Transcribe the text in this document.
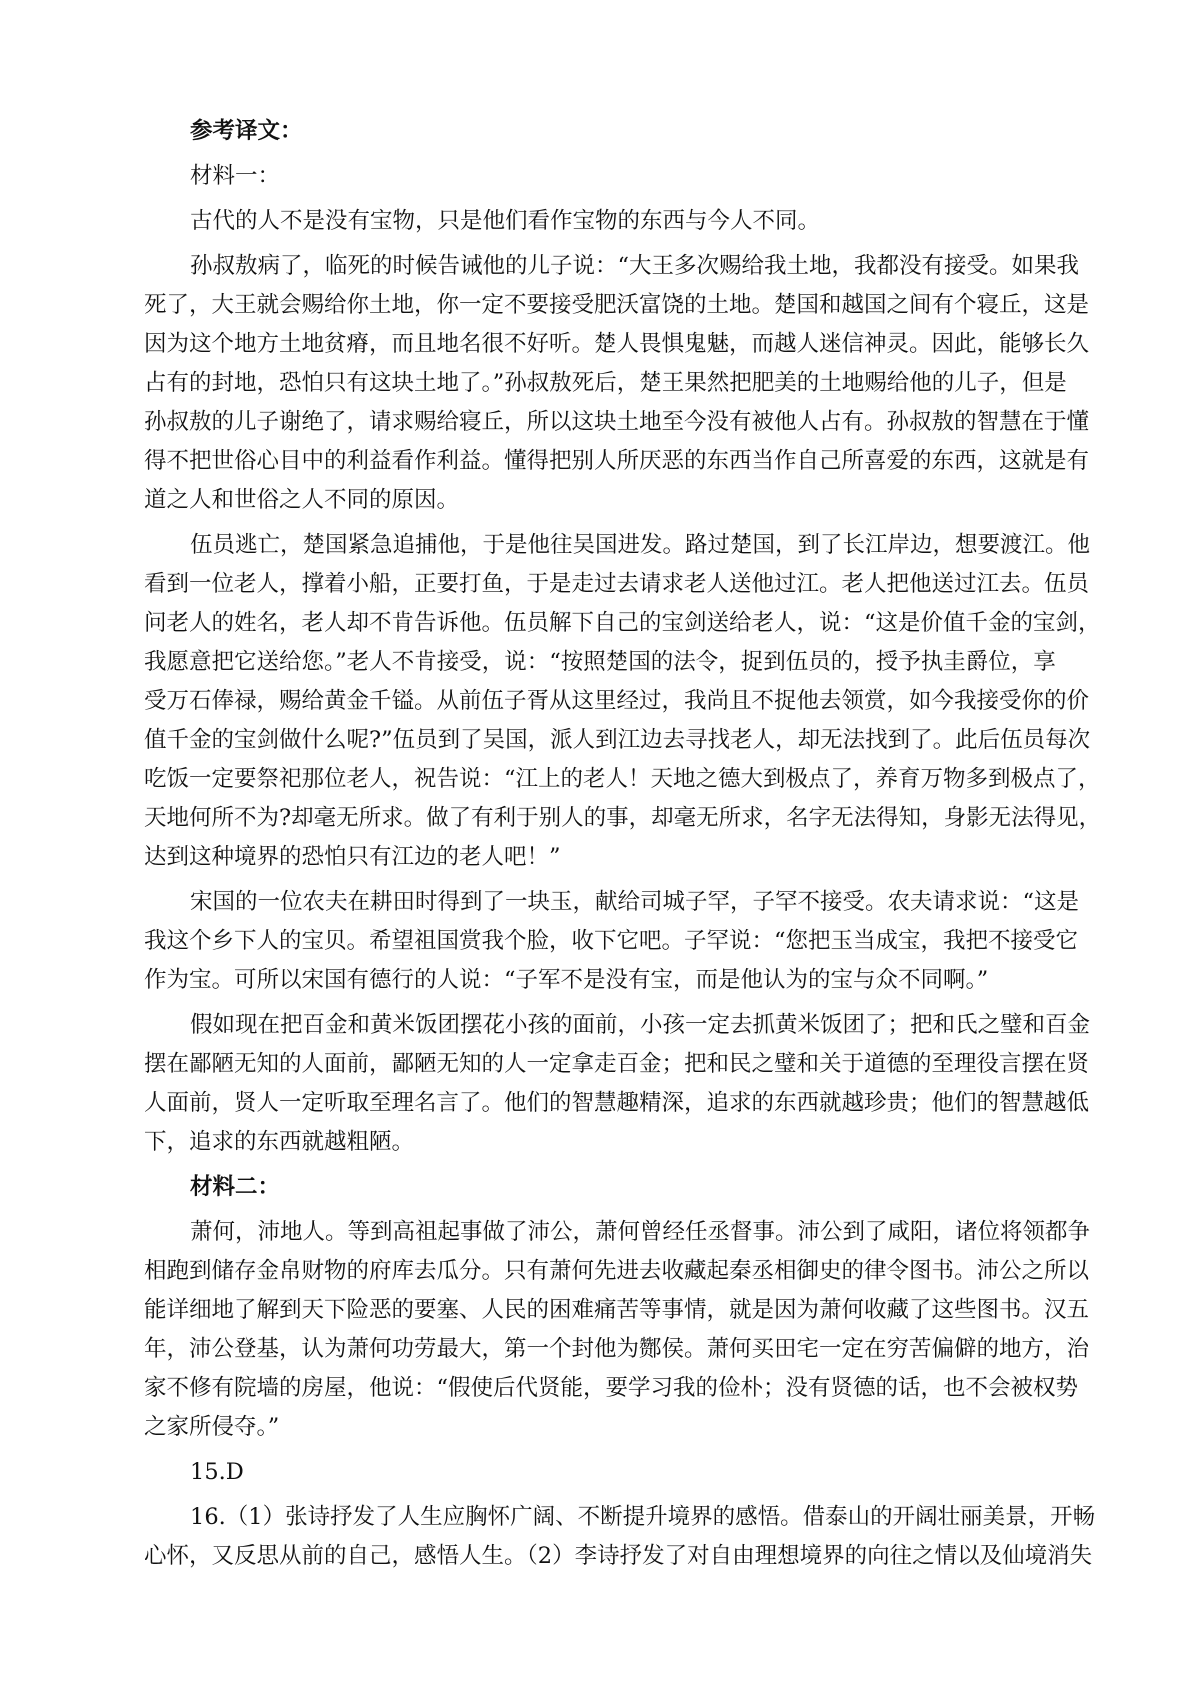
参考译文：
材料一：
古代的人不是没有宝物，只是他们看作宝物的东西与今人不同。
孙叔敖病了，临死的时候告诫他的儿子说：“大王多次赐给我土地，我都没有接受。如果我
死了，大王就会赐给你土地，你一定不要接受肥沃富饶的土地。楚国和越国之间有个寝丘，这是
因为这个地方土地贫瘠，而且地名很不好听。楚人畏惧鬼魅，而越人迷信神灵。因此，能够长久
占有的封地，恐怕只有这块土地了。”孙叔敖死后，楚王果然把肥美的土地赐给他的儿子，但是
孙叔敖的儿子谢绝了，请求赐给寝丘，所以这块土地至今没有被他人占有。孙叔敖的智慧在于懂
得不把世俗心目中的利益看作利益。懂得把别人所厌恶的东西当作自己所喜爱的东西，这就是有
道之人和世俗之人不同的原因。
伍员逃亡，楚国紧急追捕他，于是他往吴国进发。路过楚国，到了长江岸边，想要渡江。他
看到一位老人，撑着小船，正要打鱼，于是走过去请求老人送他过江。老人把他送过江去。伍员
问老人的姓名，老人却不肯告诉他。伍员解下自己的宝剑送给老人，说：“这是价值千金的宝剑，
我愿意把它送给您。”老人不肯接受，说：“按照楚国的法令，捉到伍员的，授予执圭爵位，享
受万石俸禄，赐给黄金千镒。从前伍子胥从这里经过，我尚且不捉他去领赏，如今我接受你的价
值千金的宝剑做什么呢?”伍员到了吴国，派人到江边去寻找老人，却无法找到了。此后伍员每次
吃饭一定要祭祀那位老人，祝告说：“江上的老人！天地之德大到极点了，养育万物多到极点了，
天地何所不为?却毫无所求。做了有利于别人的事，却毫无所求，名字无法得知，身影无法得见，
达到这种境界的恐怕只有江边的老人吧！”
宋国的一位农夫在耕田时得到了一块玉，献给司城子罕，子罕不接受。农夫请求说：“这是
我这个乡下人的宝贝。希望祖国赏我个脸，收下它吧。子罕说：“您把玉当成宝，我把不接受它
作为宝。可所以宋国有德行的人说：“子军不是没有宝，而是他认为的宝与众不同啊。”
假如现在把百金和黄米饭团摆花小孩的面前，小孩一定去抓黄米饭团了；把和氏之璧和百金
摆在鄙陋无知的人面前，鄙陋无知的人一定拿走百金；把和民之璧和关于道德的至理役言摆在贤
人面前，贤人一定听取至理名言了。他们的智慧趣精深，追求的东西就越珍贵；他们的智慧越低
下，追求的东西就越粗陋。
材料二：
萧何，沛地人。等到高祖起事做了沛公，萧何曾经任丞督事。沛公到了咸阳，诸位将领都争
相跑到储存金帛财物的府库去瓜分。只有萧何先进去收藏起秦丞相御史的律令图书。沛公之所以
能详细地了解到天下险恶的要塞、人民的困难痛苦等事情，就是因为萧何收藏了这些图书。汉五
年，沛公登基，认为萧何功劳最大，第一个封他为酂侯。萧何买田宅一定在穷苦偏僻的地方，治
家不修有院墙的房屋，他说：“假使后代贤能，要学习我的俭朴；没有贤德的话，也不会被权势
之家所侵夺。”
15.D
16.（1）张诗抒发了人生应胸怀广阔、不断提升境界的感悟。借泰山的开阔壮丽美景，开畅
心怀，又反思从前的自己，感悟人生。（2）李诗抒发了对自由理想境界的向往之情以及仙境消失
